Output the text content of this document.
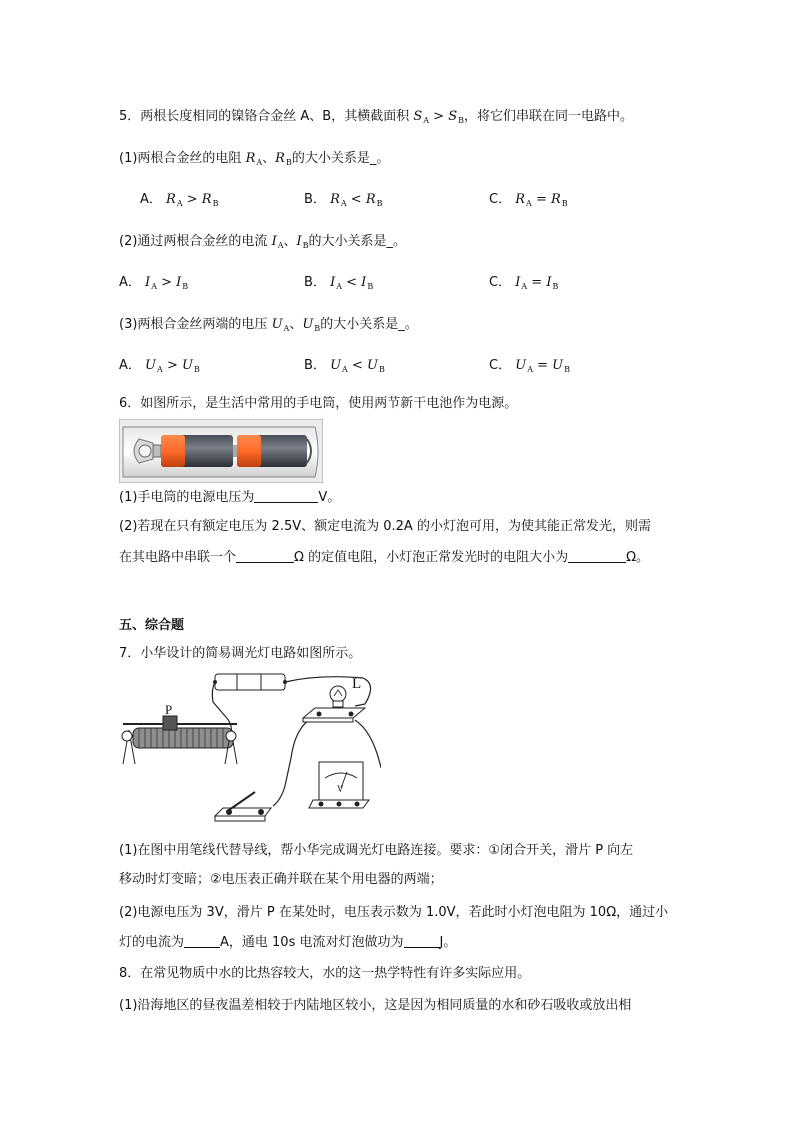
5．两根长度相同的镍铬合金丝 A、B，其横截面积 $S_A > S_B$，将它们串联在同一电路中。
(1)两根合金丝的电阻 $R_A$、$R_B$的大小关系是_。
A． $R_A > R_B$	B． $R_A < R_B$	C． $R_A = R_B$
(2)通过两根合金丝的电流 $I_A$、$I_B$的大小关系是_。
A． $I_A > I_B$	B． $I_A < I_B$	C． $I_A = I_B$
(3)两根合金丝两端的电压 $U_A$、$U_B$的大小关系是_。
A． $U_A > U_B$	B． $U_A < U_B$	C． $U_A = U_B$
6．如图所示，是生活中常用的手电筒，使用两节新干电池作为电源。
(1)手电筒的电源电压为	V。
(2)若现在只有额定电压为 2.5V、额定电流为 0.2A 的小灯泡可用，为使其能正常发光，则需
在其电路中串联一个	Ω 的定值电阻，小灯泡正常发光时的电阻大小为	Ω。
五、综合题
7．小华设计的简易调光灯电路如图所示。
L
P
V
(1)在图中用笔线代替导线，帮小华完成调光灯电路连接。要求：①闭合开关，滑片 P 向左
移动时灯变暗；②电压表正确并联在某个用电器的两端；
(2)电源电压为 3V，滑片 P 在某处时，电压表示数为 1.0V，若此时小灯泡电阻为 10Ω，通过小
灯的电流为	A，通电 10s 电流对灯泡做功为	J。
8．在常见物质中水的比热容较大，水的这一热学特性有许多实际应用。
(1)沿海地区的昼夜温差相较于内陆地区较小，这是因为相同质量的水和砂石吸收或放出相
